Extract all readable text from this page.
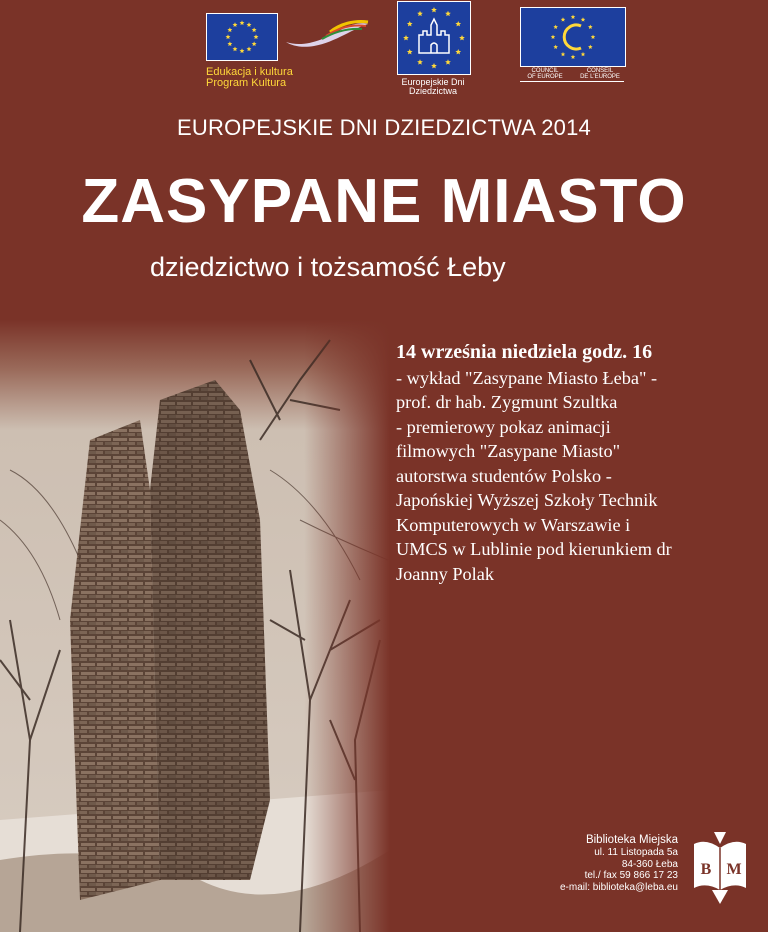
Edukacja i kultura
Program Kultura	Europejskie Dni
Dziedzictwa
COUNCIL
OF EUROPE
CONSEIL
DE L'EUROPE
EUROPEJSKIE DNI DZIEDZICTWA 2014
ZASYPANE MIASTO
dziedzictwo i tożsamość Łeby
14 września niedziela godz. 16
- wykład "Zasypane Miasto Łeba" -
prof. dr hab. Zygmunt Szultka
- premierowy pokaz animacji
filmowych "Zasypane Miasto"
autorstwa studentów Polsko -
Japońskiej Wyższej Szkoły Technik
Komputerowych w Warszawie i
UMCS w Lublinie pod kierunkiem dr
Joanny Polak
Biblioteka Miejska
ul. 11 Listopada 5a
84-360 Łeba
tel./ fax 59 866 17 23
e-mail: biblioteka@leba.eu
B M
